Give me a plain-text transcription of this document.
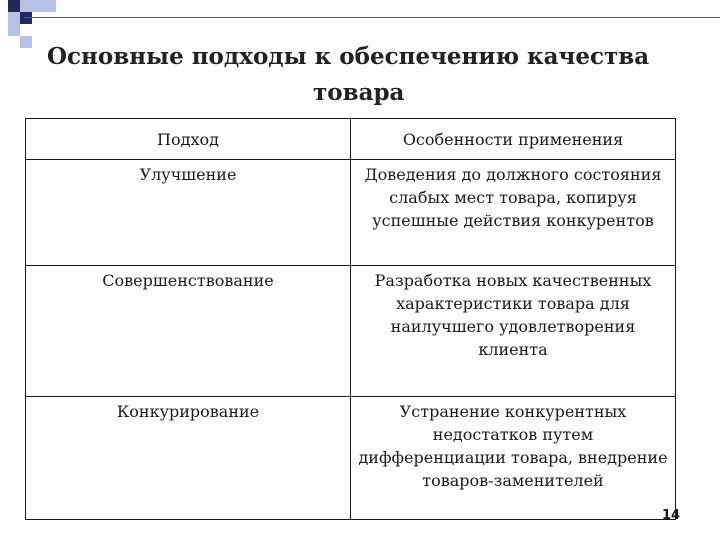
Основные подходы к обеспечению качества
товара
Подход	Особенности применения
Улучшение	Доведения до должного состояния слабых мест товара, копируя успешные действия конкурентов
Совершенствование	Разработка новых качественных характеристики товара для наилучшего удовлетворения клиента
Конкурирование	Устранение конкурентных недостатков путем дифференциации товара, внедрение товаров-заменителей
14
